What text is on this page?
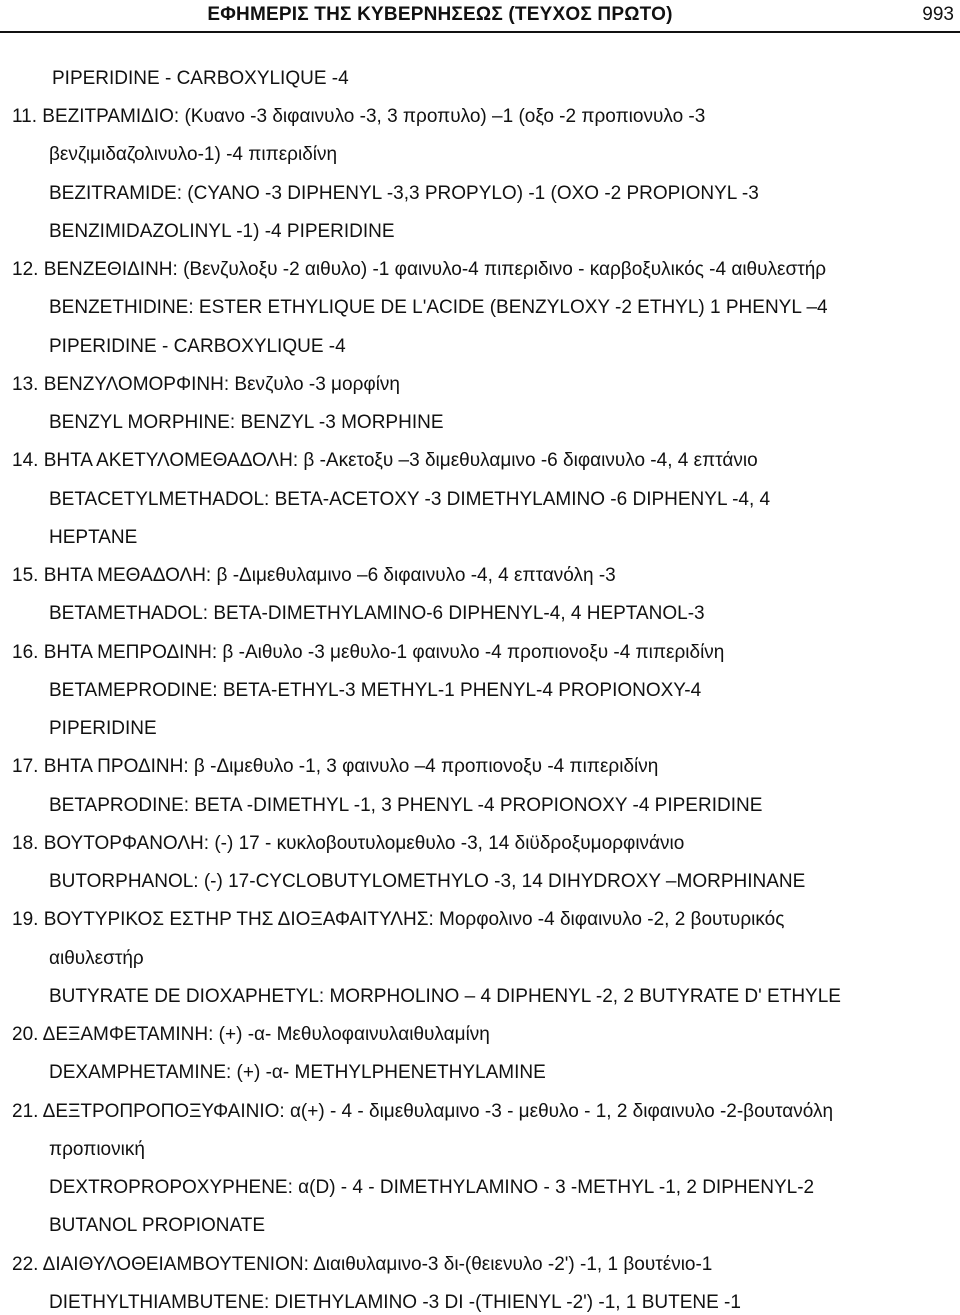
ΕΦΗΜΕΡΙΣ ΤΗΣ ΚΥΒΕΡΝΗΣΕΩΣ (ΤΕΥΧΟΣ ΠΡΩΤΟ)	993
PIPERIDINE - CARBOXYLIQUE -4
11. ΒΕΖΙΤΡΑΜΙΔΙΟ: (Κυανο -3 διφαινυλο -3, 3 προπυλο) –1 (οξο -2 προπιονυλο -3
βενζιμιδαζολινυλο-1) -4 πιπεριδίνη
BEZITRAMIDE: (CYANO -3 DIPHENYL -3,3 PROPYLO) -1 (OXO -2 PROPIONYL -3
BENZIMIDAZOLINYL -1) -4 PIPERIDINE
12. ΒΕΝΖΕΘΙΔΙΝΗ: (Βενζυλοξυ -2 αιθυλο) -1 φαινυλο-4 πιπεριδινο - καρβοξυλικός -4 αιθυλεστήρ
BENZETHIDINE: ESTER ETHYLIQUE DE L'ACIDE (BENZYLOXY -2 ETHYL) 1 PHENYL –4
PIPERIDINE - CARBOXYLIQUE -4
13. ΒΕΝΖΥΛΟΜΟΡΦΙΝΗ: Βενζυλο -3 μορφίνη
BENZYL MORPHINE: BENZYL -3 MORPHINE
14. ΒΗΤΑ ΑΚΕΤΥΛΟΜΕΘΑΔΟΛΗ: β -Ακετοξυ –3 διμεθυλαμινο -6 διφαινυλο -4, 4 επτάνιο
BETACETYLMETHADOL: BETA-ACETOXY -3 DIMETHYLAMINO -6 DIPHENYL -4, 4
HEPTANE
15. ΒΗΤΑ ΜΕΘΑΔΟΛΗ: β -Διμεθυλαμινο –6 διφαινυλο -4, 4 επτανόλη -3
BETAMETHADOL: BETA-DIMETHYLAMINO-6 DIPHENYL-4, 4 HEPTANOL-3
16. ΒΗΤΑ ΜΕΠΡΟΔΙΝΗ: β -Αιθυλο -3 μεθυλο-1 φαινυλο -4 προπιονοξυ -4 πιπεριδίνη
BETAMEPRODINE: BETA-ETHYL-3 METHYL-1 PHENYL-4 PROPIONOXY-4
PIPERIDINE
17. ΒΗΤΑ ΠΡΟΔΙΝΗ: β -Διμεθυλο -1, 3 φαινυλο –4 προπιονοξυ -4 πιπεριδίνη
BETAPRODINE: BETA -DIMETHYL -1, 3 PHENYL -4 PROPIONOXY -4 PIPERIDINE
18. ΒΟΥΤΟΡΦΑΝΟΛΗ: (-) 17 - κυκλοβουτυλομεθυλο -3, 14 διϋδροξυμορφινάνιο
BUTORPHANOL: (-) 17-CYCLOBUTYLOMETHYLO -3, 14 DIHYDROXY –MORPHINANE
19. ΒΟΥΤΥΡΙΚΟΣ ΕΣΤΗΡ ΤΗΣ ΔΙΟΞΑΦΑΙΤΥΛΗΣ: Μορφολινο -4 διφαινυλο -2, 2 βουτυρικός
αιθυλεστήρ
BUTYRATE DE DIOXAPHETYL: MORPHOLINO – 4 DIPHENYL -2, 2 BUTYRATE D' ETHYLE
20. ΔΕΞΑΜΦΕΤΑΜΙΝΗ: (+) -α- Μεθυλοφαινυλαιθυλαμίνη
DEXAMPHETAMINE: (+) -α- METHYLPHENETHYLAMINE
21. ΔΕΞΤΡΟΠΡΟΠΟΞΥΦΑΙΝΙΟ: α(+) - 4 - διμεθυλαμινο -3 - μεθυλο - 1, 2 διφαινυλο -2-βουτανόλη
προπιονική
DEXTROPROPOXYPHENE: α(D) - 4 - DIMETHYLAMINO - 3 -METHYL -1, 2 DIPHENYL-2
BUTANOL PROPIONATE
22. ΔΙΑΙΘΥΛΟΘΕΙΑΜΒΟΥΤΕΝΙΟΝ: Διαιθυλαμινο-3 δι-(θειενυλο -2') -1, 1 βουτένιο-1
DIETHYLTHIAMBUTENE: DIETHYLAMINO -3 DI -(THIENYL -2') -1, 1 BUTENE -1
